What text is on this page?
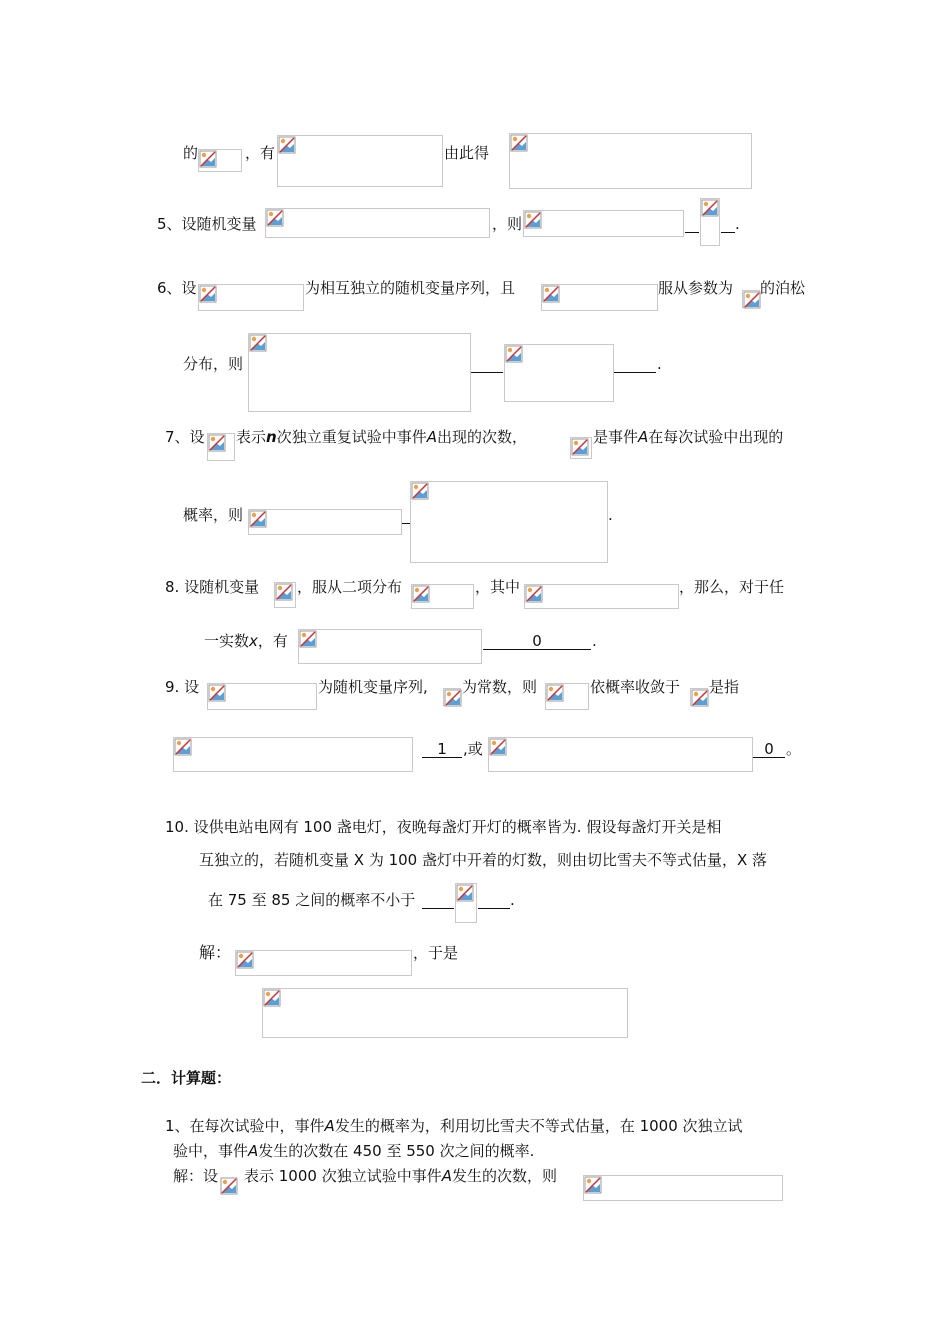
的	，有	由此得
5、设随机变量	，则

	.
6、设	为相互独立的随机变量序列，且	服从参数为 的泊松
分布，则

	.
7、设 表示n次独立重复试验中事件A出现的次数，	是事件A在每次试验中出现的
概率，则
	.
8. 设随机变量	，服从二项分布	，其中	，那么，对于任
一实数x，有	0	.
9. 设	为随机变量序列, 为常数，则	依概率收敛于 是指
1	,或	0 。
10. 设供电站电网有 100 盏电灯，夜晚每盏灯开灯的概率皆为. 假设每盏灯开关是相
互独立的，若随机变量 X 为 100 盏灯中开着的灯数，则由切比雪夫不等式估量，X 落
在 75 至 85 之间的概率不小于

	.
解：	，于是
二．计算题：
1、在每次试验中，事件A发生的概率为，利用切比雪夫不等式估量，在 1000 次独立试
验中，事件A发生的次数在 450 至 550 次之间的概率.
解：设
表示 1000 次独立试验中事件A发生的次数，则
